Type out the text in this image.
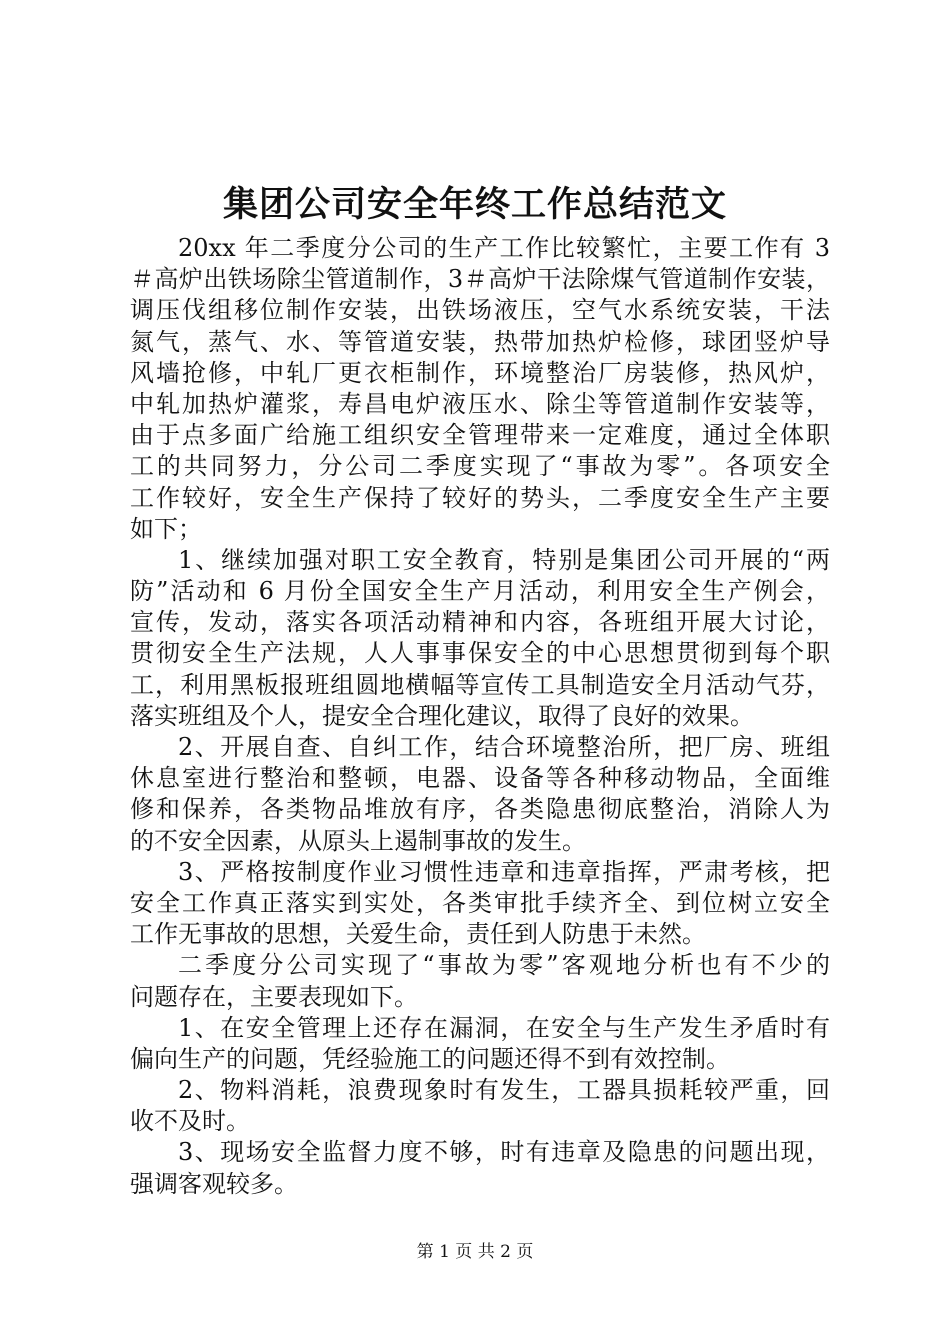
集团公司安全年终工作总结范文
20xx 年二季度分公司的生产工作比较繁忙，主要工作有 3
＃高炉出铁场除尘管道制作，3＃高炉干法除煤气管道制作安装，
调压伐组移位制作安装，出铁场液压，空气水系统安装，干法
氮气，蒸气、水、等管道安装，热带加热炉检修，球团竖炉导
风墙抢修，中轧厂更衣柜制作，环境整治厂房装修，热风炉，
中轧加热炉灌浆，寿昌电炉液压水、除尘等管道制作安装等，
由于点多面广给施工组织安全管理带来一定难度，通过全体职
工的共同努力，分公司二季度实现了“事故为零”。各项安全
工作较好，安全生产保持了较好的势头，二季度安全生产主要
如下；
1、继续加强对职工安全教育，特别是集团公司开展的“两
防”活动和 6 月份全国安全生产月活动，利用安全生产例会，
宣传，发动，落实各项活动精神和内容，各班组开展大讨论，
贯彻安全生产法规，人人事事保安全的中心思想贯彻到每个职
工，利用黑板报班组圆地横幅等宣传工具制造安全月活动气芬，
落实班组及个人，提安全合理化建议，取得了良好的效果。
2、开展自查、自纠工作，结合环境整治所，把厂房、班组
休息室进行整治和整顿，电器、设备等各种移动物品，全面维
修和保养，各类物品堆放有序，各类隐患彻底整治，消除人为
的不安全因素，从原头上遏制事故的发生。
3、严格按制度作业习惯性违章和违章指挥，严肃考核，把
安全工作真正落实到实处，各类审批手续齐全、到位树立安全
工作无事故的思想，关爱生命，责任到人防患于未然。
二季度分公司实现了“事故为零”客观地分析也有不少的
问题存在，主要表现如下。
1、在安全管理上还存在漏洞，在安全与生产发生矛盾时有
偏向生产的问题，凭经验施工的问题还得不到有效控制。
2、物料消耗，浪费现象时有发生，工器具损耗较严重，回
收不及时。
3、现场安全监督力度不够，时有违章及隐患的问题出现，
强调客观较多。
第 1 页 共 2 页
